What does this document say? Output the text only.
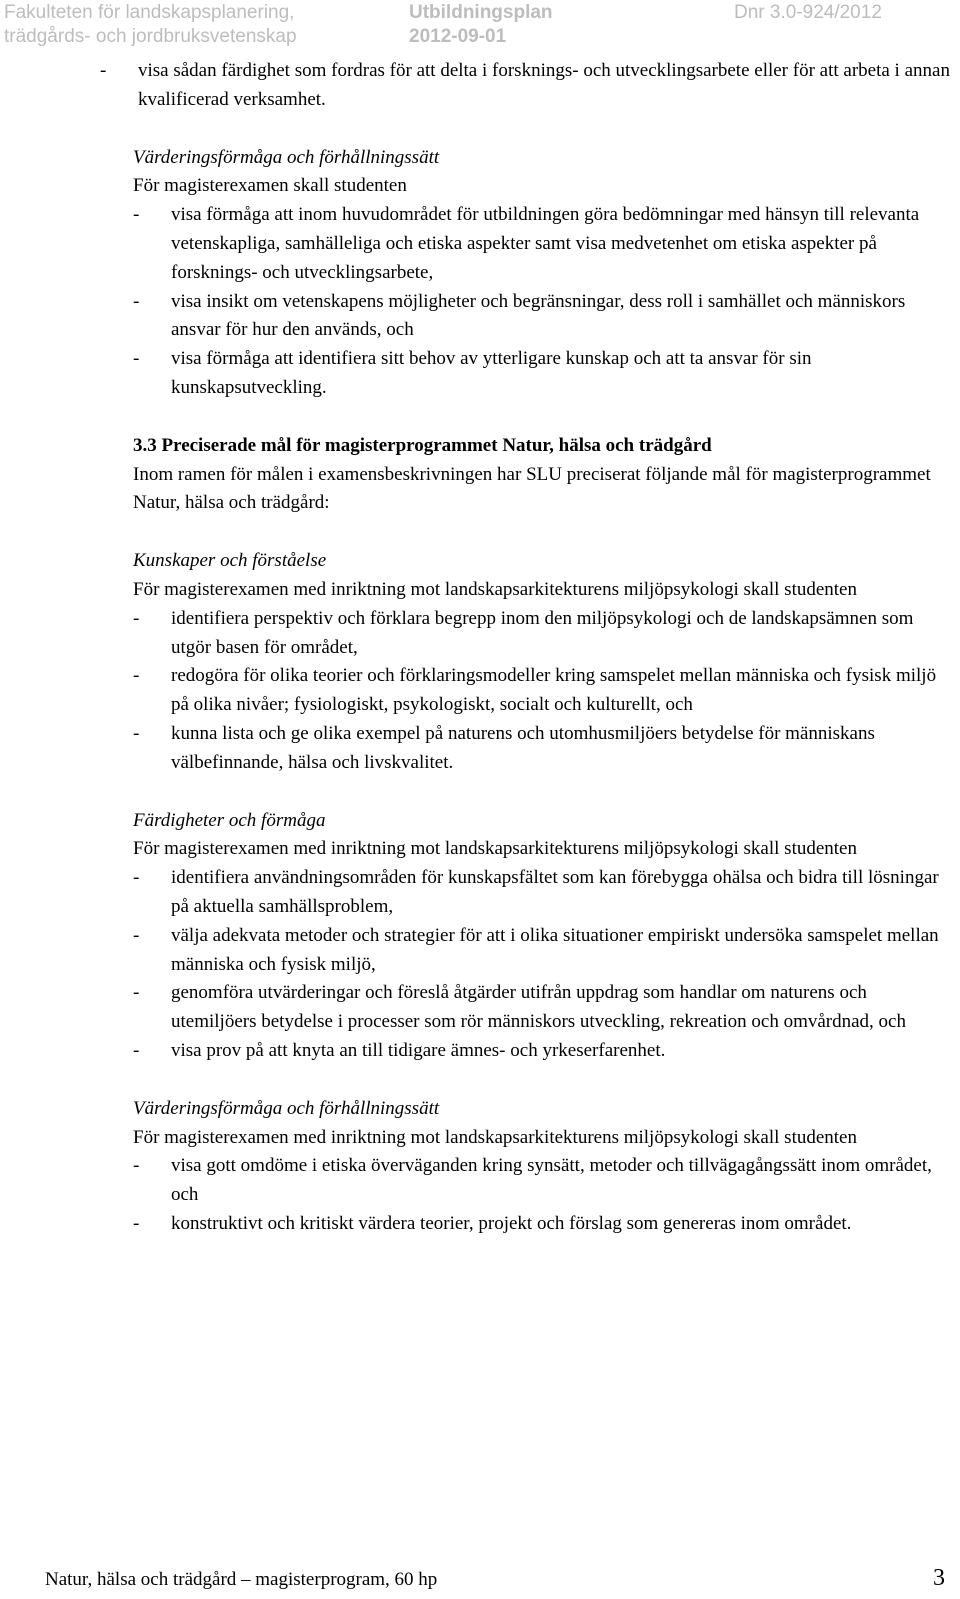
Fakulteten för landskapsplanering,
trädgårds- och jordbruksvetenskap
Utbildningsplan
2012-09-01
Dnr 3.0-924/2012
- visa sådan färdighet som fordras för att delta i forsknings- och utvecklingsarbete eller för att arbeta i annan kvalificerad verksamhet.

Värderingsförmåga och förhållningssätt

För magisterexamen skall studenten

- visa förmåga att inom huvudområdet för utbildningen göra bedömningar med hänsyn till relevanta vetenskapliga, samhälleliga och etiska aspekter samt visa medvetenhet om etiska aspekter på forsknings- och utvecklingsarbete,
- visa insikt om vetenskapens möjligheter och begränsningar, dess roll i samhället och människors ansvar för hur den används, och
- visa förmåga att identifiera sitt behov av ytterligare kunskap och att ta ansvar för sin kunskapsutveckling.

3.3 Preciserade mål för magisterprogrammet Natur, hälsa och trädgård

Inom ramen för målen i examensbeskrivningen har SLU preciserat följande mål för magisterprogrammet Natur, hälsa och trädgård:

Kunskaper och förståelse

För magisterexamen med inriktning mot landskapsarkitekturens miljöpsykologi skall studenten

- identifiera perspektiv och förklara begrepp inom den miljöpsykologi och de landskapsämnen som utgör basen för området,
- redogöra för olika teorier och förklaringsmodeller kring samspelet mellan människa och fysisk miljö på olika nivåer; fysiologiskt, psykologiskt, socialt och kulturellt, och
- kunna lista och ge olika exempel på naturens och utomhusmiljöers betydelse för människans välbefinnande, hälsa och livskvalitet.

Färdigheter och förmåga

För magisterexamen med inriktning mot landskapsarkitekturens miljöpsykologi skall studenten

- identifiera användningsområden för kunskapsfältet som kan förebygga ohälsa och bidra till lösningar på aktuella samhällsproblem,
- välja adekvata metoder och strategier för att i olika situationer empiriskt undersöka samspelet mellan människa och fysisk miljö,
- genomföra utvärderingar och föreslå åtgärder utifrån uppdrag som handlar om naturens och utemiljöers betydelse i processer som rör människors utveckling, rekreation och omvårdnad, och
- visa prov på att knyta an till tidigare ämnes- och yrkeserfarenhet.

Värderingsförmåga och förhållningssätt

För magisterexamen med inriktning mot landskapsarkitekturens miljöpsykologi skall studenten

- visa gott omdöme i etiska överväganden kring synsätt, metoder och tillvägagångssätt inom området, och
- konstruktivt och kritiskt värdera teorier, projekt och förslag som genereras inom området.
Natur, hälsa och trädgård – magisterprogram, 60 hp	3
